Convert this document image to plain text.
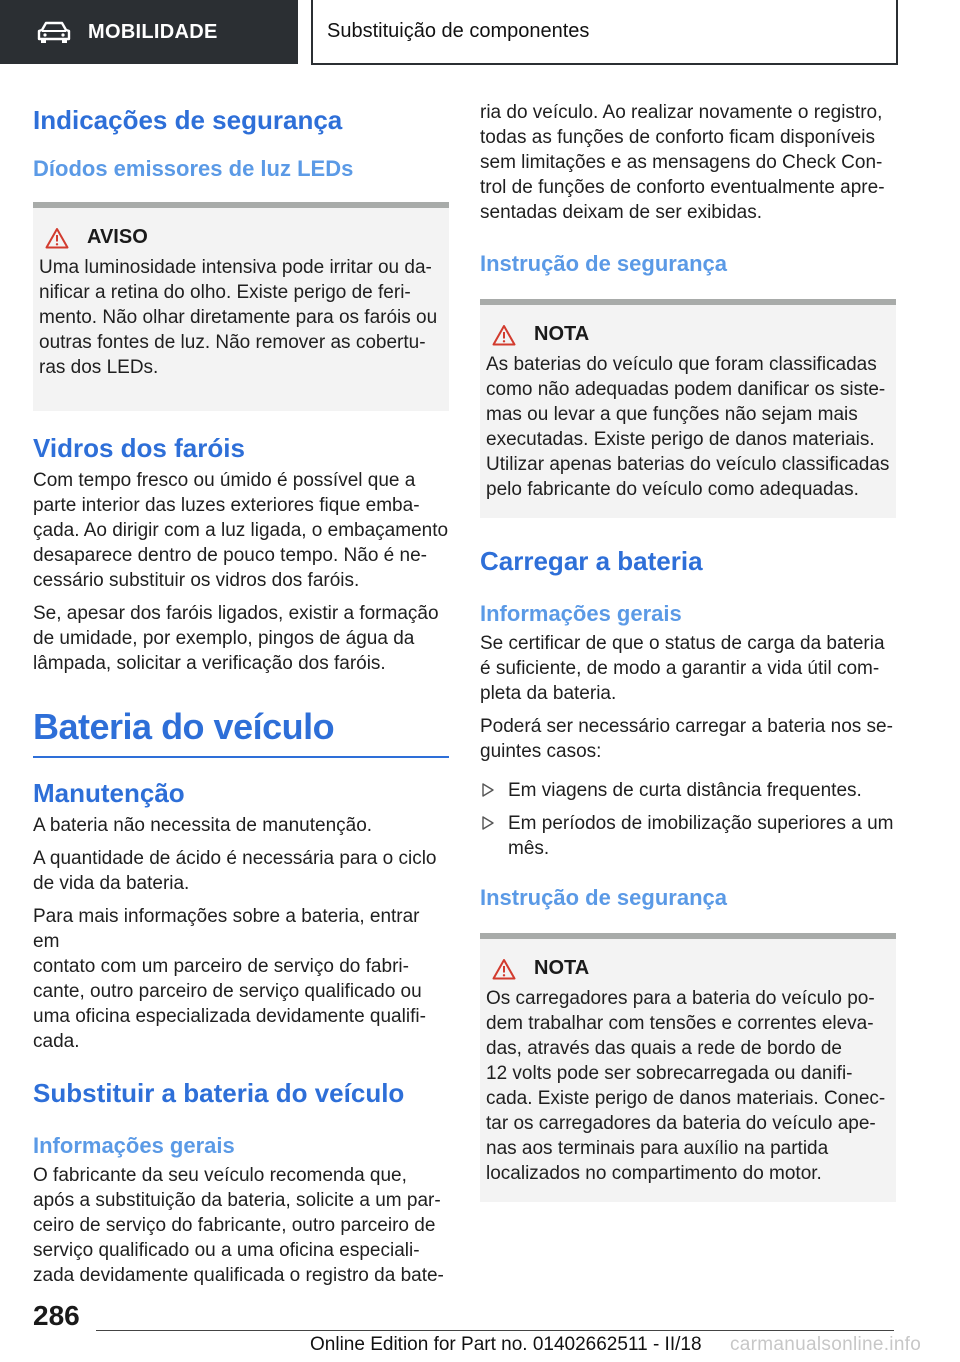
MOBILIDADE	Substituição de componentes
Indicações de segurança
Díodos emissores de luz LEDs
AVISO

Uma luminosidade intensiva pode irritar ou da‐
nificar a retina do olho. Existe perigo de feri‐
mento. Não olhar diretamente para os faróis ou
outras fontes de luz. Não remover as cobertu‐
ras dos LEDs.

Vidros dos faróis

Com tempo fresco ou úmido é possível que a
parte interior das luzes exteriores fique emba‐
çada. Ao dirigir com a luz ligada, o embaçamento
desaparece dentro de pouco tempo. Não é ne‐
cessário substituir os vidros dos faróis.

Se, apesar dos faróis ligados, existir a formação
de umidade, por exemplo, pingos de água da
lâmpada, solicitar a verificação dos faróis.

Bateria do veículo
Manutenção

A bateria não necessita de manutenção.

A quantidade de ácido é necessária para o ciclo
de vida da bateria.

Para mais informações sobre a bateria, entrar em
contato com um parceiro de serviço do fabri‐
cante, outro parceiro de serviço qualificado ou
uma oficina especializada devidamente qualifi‐
cada.

Substituir a bateria do veículo
Informações gerais

O fabricante da seu veículo recomenda que,
após a substituição da bateria, solicite a um par‐
ceiro de serviço do fabricante, outro parceiro de
serviço qualificado ou a uma oficina especiali‐
zada devidamente qualificada o registro da bate‐

ria do veículo. Ao realizar novamente o registro,
todas as funções de conforto ficam disponíveis
sem limitações e as mensagens do Check Con‐
trol de funções de conforto eventualmente apre‐
sentadas deixam de ser exibidas.

Instrução de segurança
NOTA

As baterias do veículo que foram classificadas
como não adequadas podem danificar os siste‐
mas ou levar a que funções não sejam mais
executadas. Existe perigo de danos materiais.
Utilizar apenas baterias do veículo classificadas
pelo fabricante do veículo como adequadas.

Carregar a bateria
Informações gerais

Se certificar de que o status de carga da bateria
é suficiente, de modo a garantir a vida útil com‐
pleta da bateria.

Poderá ser necessário carregar a bateria nos se‐
guintes casos:

Em viagens de curta distância frequentes.
Em períodos de imobilização superiores a um
mês.
Instrução de segurança
NOTA

Os carregadores para a bateria do veículo po‐
dem trabalhar com tensões e correntes eleva‐
das, através das quais a rede de bordo de
12 volts pode ser sobrecarregada ou danifi‐
cada. Existe perigo de danos materiais. Conec‐
tar os carregadores da bateria do veículo ape‐
nas aos terminais para auxílio na partida
localizados no compartimento do motor.

286
Online Edition for Part no. 01402662511 - II/18 carmanualsonline.info
